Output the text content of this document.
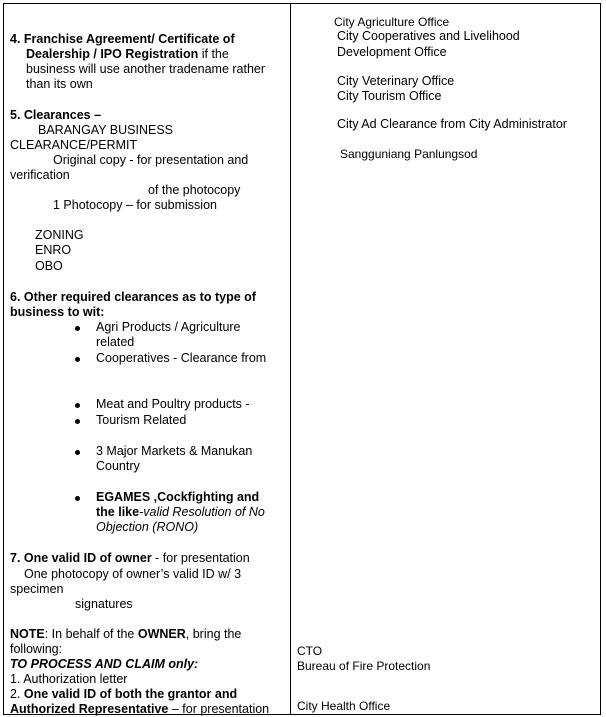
4. Franchise Agreement/ Certificate of
Dealership / IPO Registration if the
business will use another tradename rather
than its own
5. Clearances –
BARANGAY BUSINESS
CLEARANCE/PERMIT
Original copy - for presentation and
verification
of the photocopy
1 Photocopy – for submission
ZONING
ENRO
OBO
6. Other required clearances as to type of
business to wit:
Agri Products / Agriculture
related
Cooperatives - Clearance from
Meat and Poultry products -
Tourism Related
3 Major Markets & Manukan
Country
EGAMES ,Cockfighting and
the like-valid Resolution of No
Objection (RONO)
7. One valid ID of owner - for presentation
One photocopy of owner’s valid ID w/ 3
specimen
signatures
NOTE: In behalf of the OWNER, bring the
following:
TO PROCESS AND CLAIM only:
1. Authorization letter
2. One valid ID of both the grantor and
Authorized Representative – for presentation
City Agriculture Office
City Cooperatives and Livelihood
Development Office
City Veterinary Office
City Tourism Office
City Ad Clearance from City Administrator
Sangguniang Panlungsod
CTO
Bureau of Fire Protection
City Health Office
